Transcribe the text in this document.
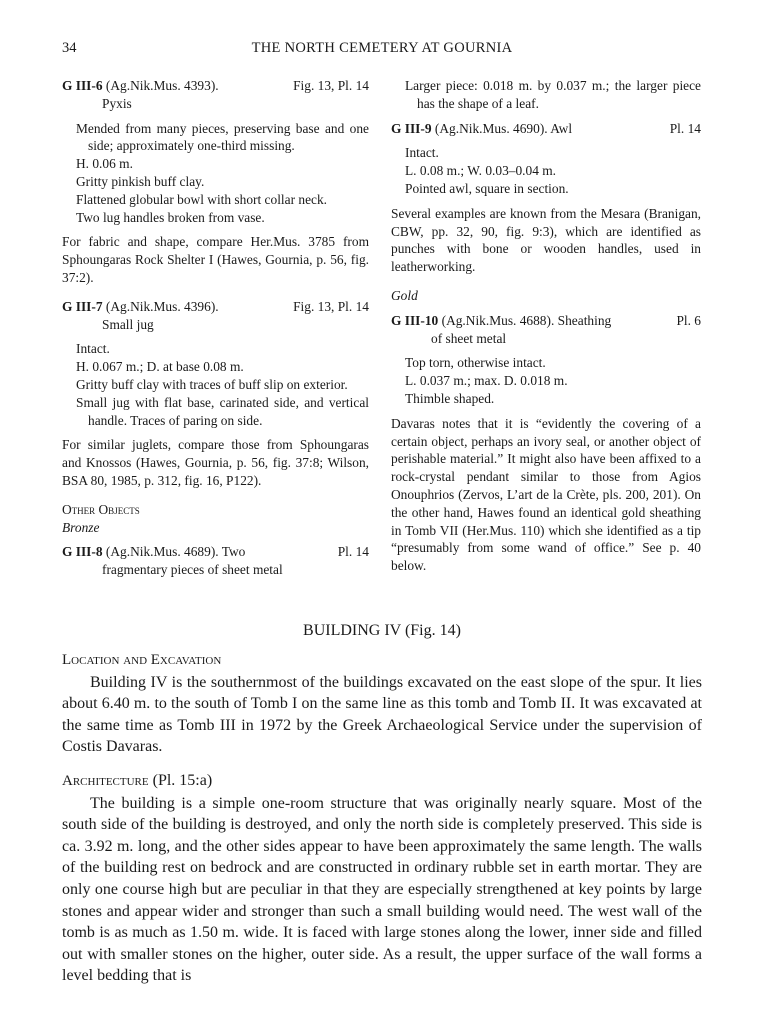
34	THE NORTH CEMETERY AT GOURNIA
G III-6 (Ag.Nik.Mus. 4393).	Fig. 13, Pl. 14
Pyxis
Mended from many pieces, preserving base and one side; approximately one-third missing.
H. 0.06 m.
Gritty pinkish buff clay.
Flattened globular bowl with short collar neck.
Two lug handles broken from vase.
For fabric and shape, compare Her.Mus. 3785 from Sphoungaras Rock Shelter I (Hawes, Gournia, p. 56, fig. 37:2).
G III-7 (Ag.Nik.Mus. 4396).	Fig. 13, Pl. 14
Small jug
Intact.
H. 0.067 m.; D. at base 0.08 m.
Gritty buff clay with traces of buff slip on exterior.
Small jug with flat base, carinated side, and vertical handle. Traces of paring on side.
For similar juglets, compare those from Sphoungaras and Knossos (Hawes, Gournia, p. 56, fig. 37:8; Wilson, BSA 80, 1985, p. 312, fig. 16, P122).
Other Objects
Bronze
G III-8 (Ag.Nik.Mus. 4689). Two	Pl. 14
fragmentary pieces of sheet metal
Larger piece: 0.018 m. by 0.037 m.; the larger piece has the shape of a leaf.
G III-9 (Ag.Nik.Mus. 4690). Awl	Pl. 14
Intact.
L. 0.08 m.; W. 0.03–0.04 m.
Pointed awl, square in section.
Several examples are known from the Mesara (Branigan, CBW, pp. 32, 90, fig. 9:3), which are identified as punches with bone or wooden handles, used in leatherworking.
Gold
G III-10 (Ag.Nik.Mus. 4688). Sheathing	Pl. 6
of sheet metal
Top torn, otherwise intact.
L. 0.037 m.; max. D. 0.018 m.
Thimble shaped.
Davaras notes that it is “evidently the covering of a certain object, perhaps an ivory seal, or another object of perishable material.” It might also have been affixed to a rock-crystal pendant similar to those from Agios Onouphrios (Zervos, L’art de la Crète, pls. 200, 201). On the other hand, Hawes found an identical gold sheathing in Tomb VII (Her.Mus. 110) which she identified as a tip “presumably from some wand of office.” See p. 40 below.
BUILDING IV (Fig. 14)
Location and Excavation
Building IV is the southernmost of the buildings excavated on the east slope of the spur. It lies about 6.40 m. to the south of Tomb I on the same line as this tomb and Tomb II. It was excavated at the same time as Tomb III in 1972 by the Greek Archaeological Service under the supervision of Costis Davaras.
Architecture (Pl. 15:a)
The building is a simple one-room structure that was originally nearly square. Most of the south side of the building is destroyed, and only the north side is completely preserved. This side is ca. 3.92 m. long, and the other sides appear to have been approximately the same length. The walls of the building rest on bedrock and are constructed in ordinary rubble set in earth mortar. They are only one course high but are peculiar in that they are especially strengthened at key points by large stones and appear wider and stronger than such a small building would need. The west wall of the tomb is as much as 1.50 m. wide. It is faced with large stones along the lower, inner side and filled out with smaller stones on the higher, outer side. As a result, the upper surface of the wall forms a level bedding that is
